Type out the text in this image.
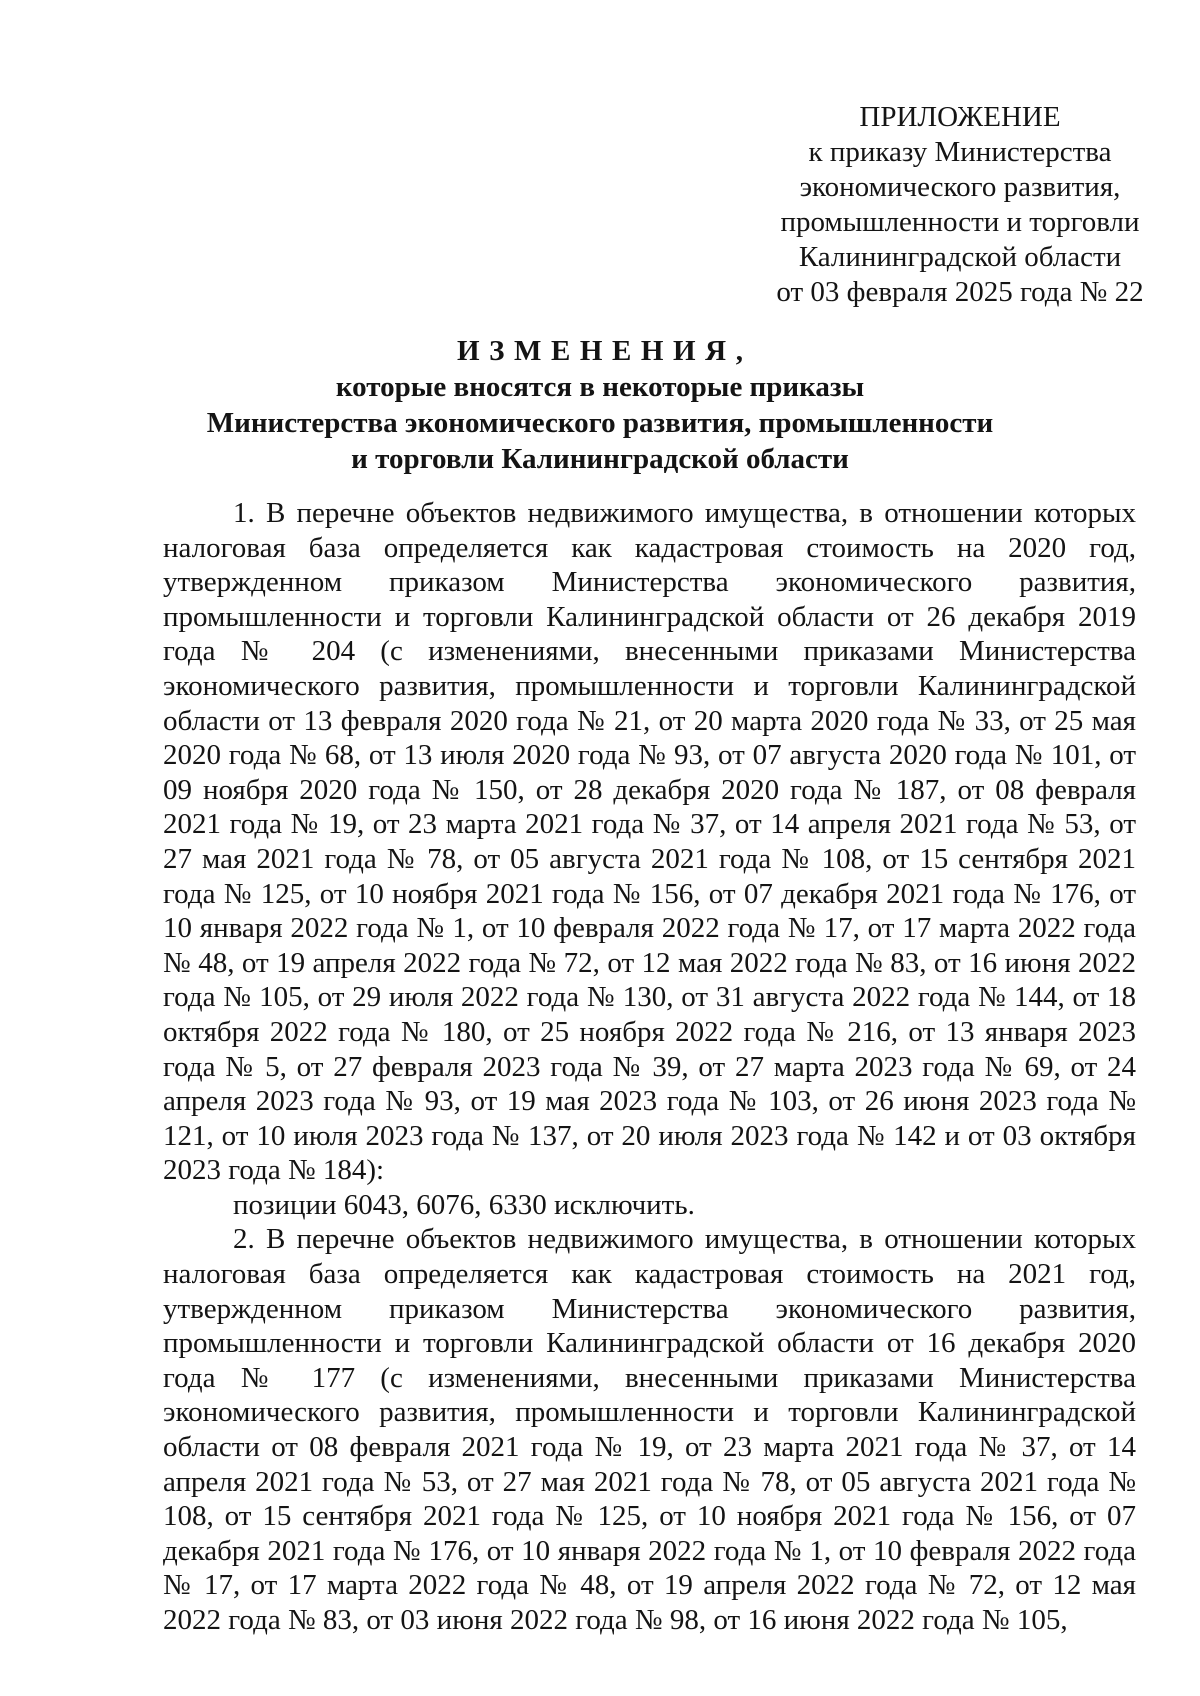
ПРИЛОЖЕНИЕ
к приказу Министерства
экономического развития,
промышленности и торговли
Калининградской области
от 03 февраля 2025 года № 22
ИЗМЕНЕНИЯ,
которые вносятся в некоторые приказы
Министерства экономического развития, промышленности
и торговли Калининградской области

1. В перечне объектов недвижимого имущества, в отношении которых налоговая база определяется как кадастровая стоимость на 2020 год, утвержденном приказом Министерства экономического развития, промышленности и торговли Калининградской области от 26 декабря 2019 года № 204 (с изменениями, внесенными приказами Министерства экономического развития, промышленности и торговли Калининградской области от 13 февраля 2020 года № 21, от 20 марта 2020 года № 33, от 25 мая 2020 года № 68, от 13 июля 2020 года № 93, от 07 августа 2020 года № 101, от 09 ноября 2020 года № 150, от 28 декабря 2020 года № 187, от 08 февраля 2021 года № 19, от 23 марта 2021 года № 37, от 14 апреля 2021 года № 53, от 27 мая 2021 года № 78, от 05 августа 2021 года № 108, от 15 сентября 2021 года № 125, от 10 ноября 2021 года № 156, от 07 декабря 2021 года № 176, от 10 января 2022 года № 1, от 10 февраля 2022 года № 17, от 17 марта 2022 года № 48, от 19 апреля 2022 года № 72, от 12 мая 2022 года № 83, от 16 июня 2022 года № 105, от 29 июля 2022 года № 130, от 31 августа 2022 года № 144, от 18 октября 2022 года № 180, от 25 ноября 2022 года № 216, от 13 января 2023 года № 5, от 27 февраля 2023 года № 39, от 27 марта 2023 года № 69, от 24 апреля 2023 года № 93, от 19 мая 2023 года № 103, от 26 июня 2023 года № 121, от 10 июля 2023 года № 137, от 20 июля 2023 года № 142 и от 03 октября 2023 года № 184):

позиции 6043, 6076, 6330 исключить.

2. В перечне объектов недвижимого имущества, в отношении которых налоговая база определяется как кадастровая стоимость на 2021 год, утвержденном приказом Министерства экономического развития, промышленности и торговли Калининградской области от 16 декабря 2020 года № 177 (с изменениями, внесенными приказами Министерства экономического развития, промышленности и торговли Калининградской области от 08 февраля 2021 года № 19, от 23 марта 2021 года № 37, от 14 апреля 2021 года № 53, от 27 мая 2021 года № 78, от 05 августа 2021 года № 108, от 15 сентября 2021 года № 125, от 10 ноября 2021 года № 156, от 07 декабря 2021 года № 176, от 10 января 2022 года № 1, от 10 февраля 2022 года № 17, от 17 марта 2022 года № 48, от 19 апреля 2022 года № 72, от 12 мая 2022 года № 83, от 03 июня 2022 года № 98, от 16 июня 2022 года № 105,
